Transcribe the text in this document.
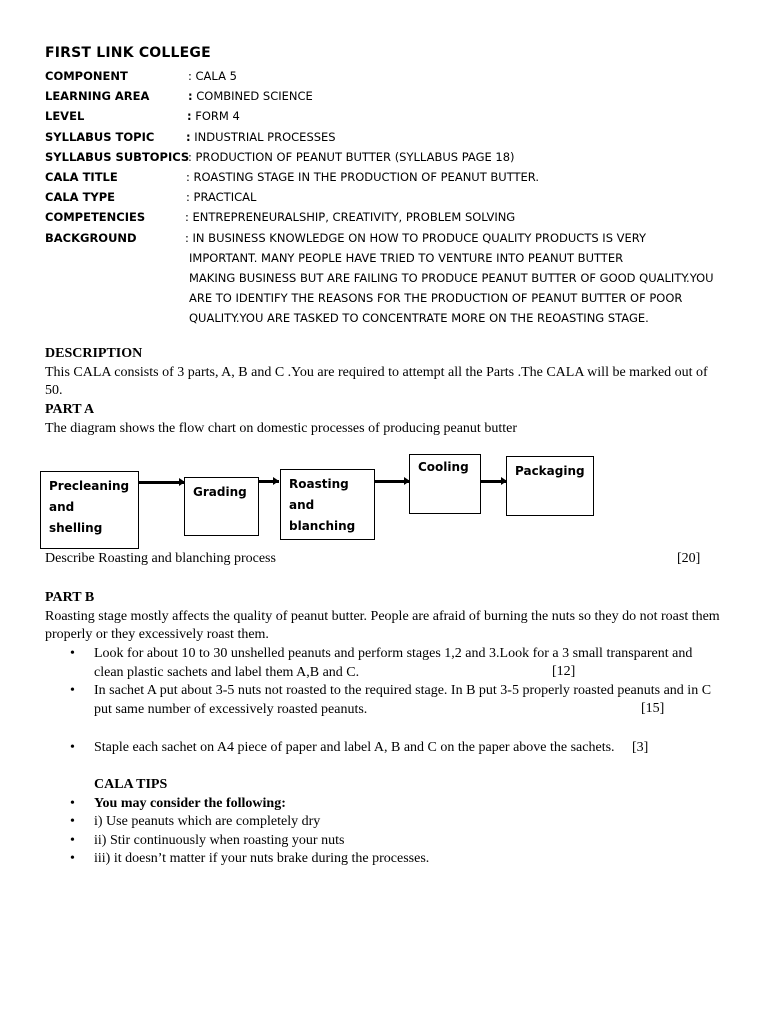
FIRST LINK COLLEGE
COMPONENT	: CALA 5
LEARNING AREA	: COMBINED SCIENCE
LEVEL	: FORM 4
SYLLABUS TOPIC	: INDUSTRIAL PROCESSES
SYLLABUS SUBTOPICS
: PRODUCTION OF PEANUT BUTTER (SYLLABUS PAGE 18)
CALA TITLE	: ROASTING STAGE IN THE PRODUCTION OF PEANUT BUTTER.
CALA TYPE	: PRACTICAL
COMPETENCIES	: ENTREPRENEURALSHIP, CREATIVITY, PROBLEM SOLVING
BACKGROUND	: IN BUSINESS KNOWLEDGE ON HOW TO PRODUCE QUALITY PRODUCTS IS VERY
IMPORTANT. MANY PEOPLE HAVE TRIED TO VENTURE INTO PEANUT BUTTER
MAKING BUSINESS BUT ARE FAILING TO PRODUCE PEANUT BUTTER OF GOOD QUALITY.YOU
ARE TO IDENTIFY THE REASONS FOR THE PRODUCTION OF PEANUT BUTTER OF POOR
QUALITY.YOU ARE TASKED TO CONCENTRATE MORE ON THE REOASTING STAGE.
DESCRIPTION
This CALA consists of 3 parts, A, B and C .You are required to attempt all the Parts .The CALA will be marked out of 50.
PART A
The diagram shows the flow chart on domestic processes of producing peanut butter
Precleaning and shelling
Grading
Roasting and blanching
Cooling	Packaging
Describe Roasting and blanching process	[20]
PART B
Roasting stage mostly affects the quality of peanut butter. People are afraid of burning the nuts so they do not roast them properly or they excessively roast them.
• Look for about 10 to 30 unshelled peanuts and perform stages 1,2 and 3.Look for a 3 small transparent and clean plastic sachets and label them A,B and C.	[12]
• In sachet A put about 3-5 nuts not roasted to the required stage. In B put 3-5 properly roasted peanuts and in C put same number of excessively roasted peanuts.	[15]
• Staple each sachet on A4 piece of paper and label A, B and C on the paper above the sachets.	[3]
CALA TIPS
• You may consider the following:
• i) Use peanuts which are completely dry
• ii) Stir continuously when roasting your nuts
• iii) it doesn’t matter if your nuts brake during the processes.
